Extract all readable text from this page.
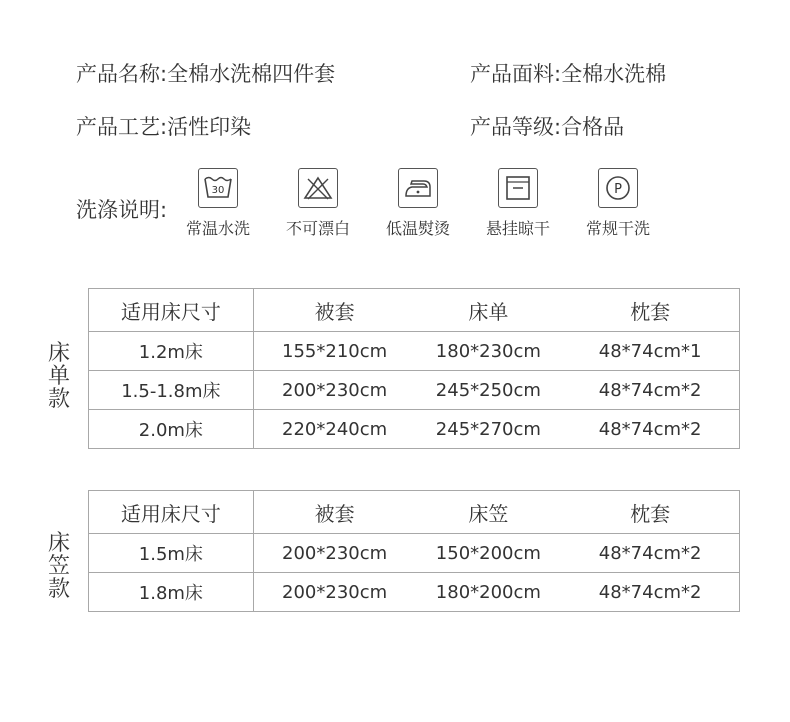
产品名称:全棉水洗棉四件套	产品面料:全棉水洗棉
产品工艺:活性印染	产品等级:合格品
洗涤说明:
30
常温水洗	不可漂白	低温熨烫	悬挂晾干
P
常规干洗
床
单
款
适用床尺寸	被套	床单	枕套
1.2m床	155*210cm	180*230cm	48*74cm*1
1.5-1.8m床	200*230cm	245*250cm	48*74cm*2
2.0m床	220*240cm	245*270cm	48*74cm*2
床
笠
款
适用床尺寸	被套	床笠	枕套
1.5m床	200*230cm	150*200cm	48*74cm*2
1.8m床	200*230cm	180*200cm	48*74cm*2
